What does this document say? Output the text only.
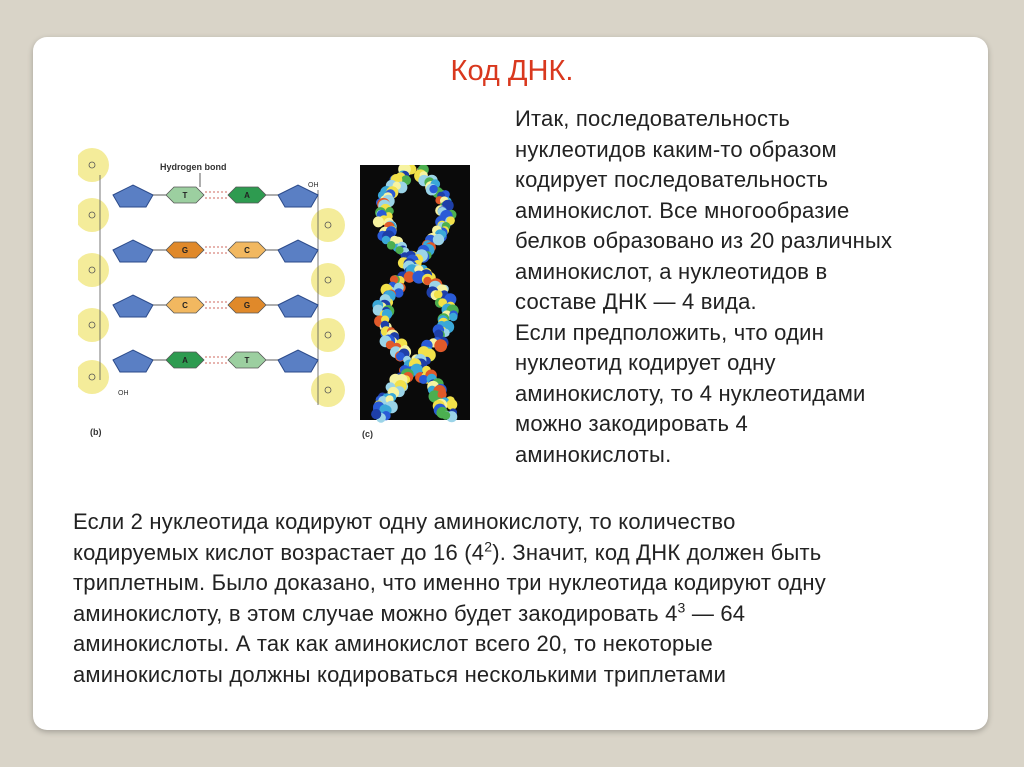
Код ДНК.
Итак, последовательность
нуклеотидов каким-то образом
кодирует последовательность
аминокислот. Все многообразие
белков образовано из 20 различных
аминокислот, а нуклеотидов в
составе ДНК — 4 вида.
Если предположить, что один
нуклеотид кодирует одну
аминокислоту, то 4 нуклеотидами
можно закодировать 4
аминокислоты.
Если 2 нуклеотида кодируют одну аминокислоту, то количество
кодируемых кислот возрастает до 16 $(4^2)$. Значит, код ДНК должен быть
триплетным. Было доказано, что именно три нуклеотида кодируют одну
аминокислоту, в этом случае можно будет закодировать $4^3$ — 64
аминокислоты. А так как аминокислот всего 20, то некоторые
аминокислоты должны кодироваться несколькими триплетами
T	A
G	C
C	G
A	T
Hydrogen bond
OH
OH
(b)	(c)
